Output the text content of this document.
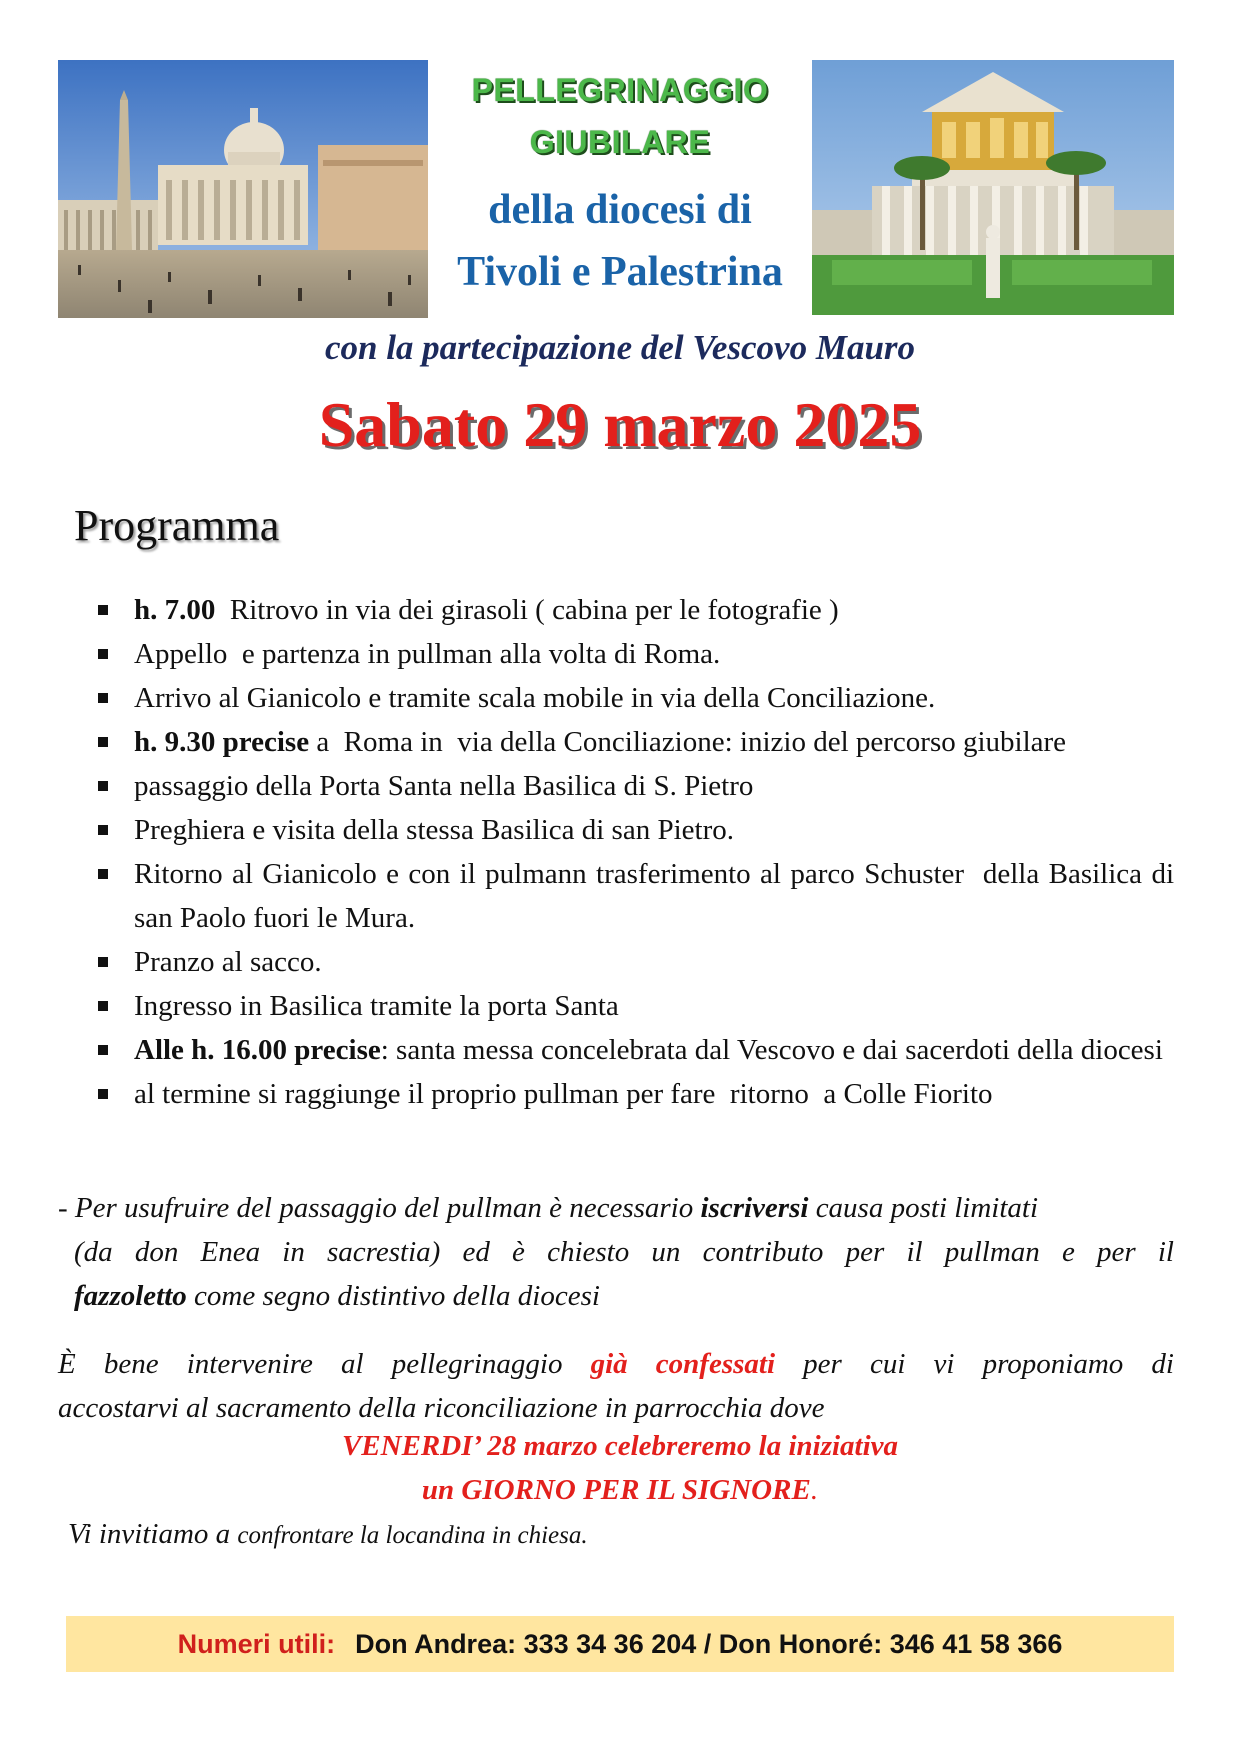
PELLEGRINAGGIO
GIUBILARE
della diocesi di
Tivoli e Palestrina
con la partecipazione del Vescovo Mauro
Sabato 29 marzo 2025
Programma
h. 7.00  Ritrovo in via dei girasoli ( cabina per le fotografie )
Appello  e partenza in pullman alla volta di Roma.
Arrivo al Gianicolo e tramite scala mobile in via della Conciliazione.
h. 9.30 precise a  Roma in  via della Conciliazione: inizio del percorso giubilare
passaggio della Porta Santa nella Basilica di S. Pietro
Preghiera e visita della stessa Basilica di san Pietro.
Ritorno al Gianicolo e con il pulmann trasferimento al parco Schuster  della Basilica di san Paolo fuori le Mura.
Pranzo al sacco.
Ingresso in Basilica tramite la porta Santa
Alle h. 16.00 precise: santa messa concelebrata dal Vescovo e dai sacerdoti della diocesi
al termine si raggiunge il proprio pullman per fare  ritorno  a Colle Fiorito
- Per usufruire del passaggio del pullman è necessario iscriversi causa posti limitati
(da don Enea in sacrestia) ed è chiesto un contributo per il pullman e per il
fazzoletto come segno distintivo della diocesi
È bene intervenire al pellegrinaggio già confessati per cui vi proponiamo di
accostarvi al sacramento della riconciliazione in parrocchia dove
VENERDI’ 28 marzo celebreremo la iniziativa
un GIORNO PER IL SIGNORE.
Vi invitiamo a confrontare la locandina in chiesa.
Numeri utili: Don Andrea: 333 34 36 204 / Don Honoré: 346 41 58 366
